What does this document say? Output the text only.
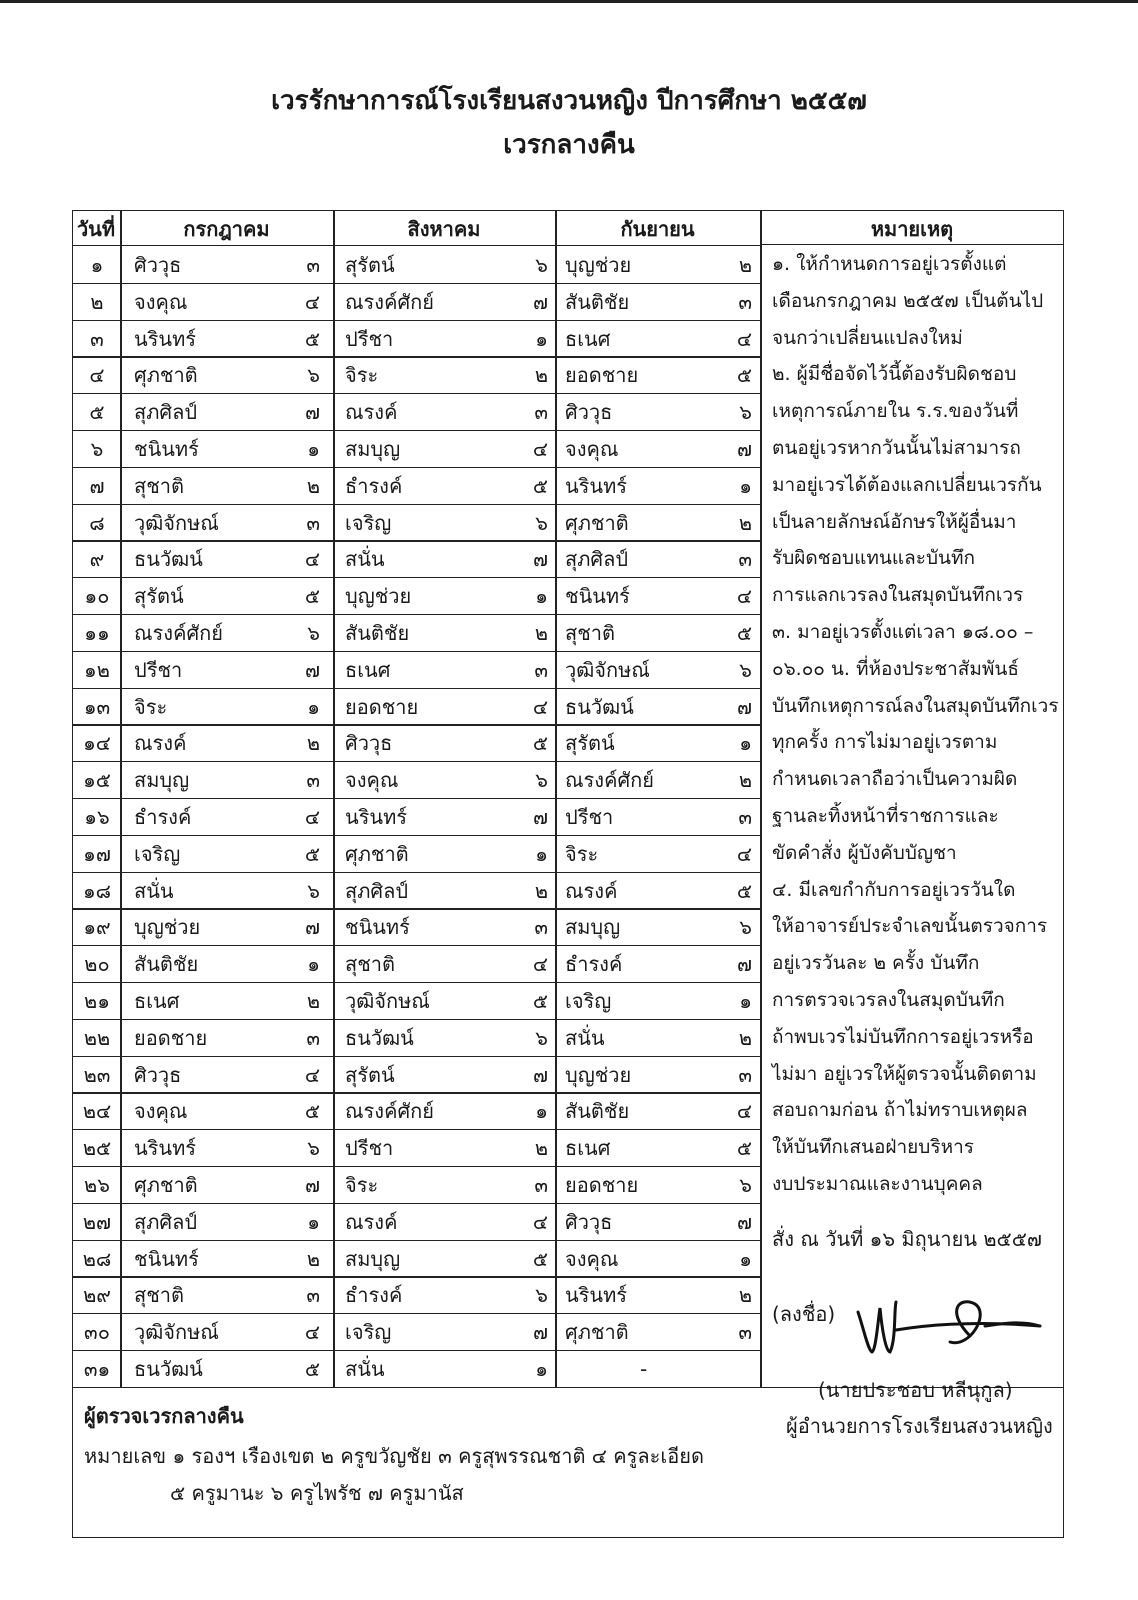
เวรรักษาการณ์โรงเรียนสงวนหญิง ปีการศึกษา ๒๕๕๗
เวรกลางคืน
วันที่	กรกฎาคม	สิงหาคม	กันยายน	หมายเหตุ
๑	ศิววุธ	๓ สุรัตน์	๖ บุญช่วย	๒
๒	จงคุณ	๔ ณรงค์ศักย์	๗ สันติชัย	๓
๓	นรินทร์	๕ ปรีชา	๑ ธเนศ	๔
๔	ศุภชาติ	๖ จิระ	๒ ยอดชาย	๕
๕	สุภศิลป์	๗ ณรงค์	๓ ศิววุธ	๖
๖	ชนินทร์	๑ สมบุญ	๔ จงคุณ	๗
๗	สุชาติ	๒ ธำรงค์	๕ นรินทร์	๑
๘	วุฒิจักษณ์	๓ เจริญ	๖ ศุภชาติ	๒
๙	ธนวัฒน์	๔ สนั่น	๗ สุภศิลป์	๓
๑๐	สุรัตน์	๕ บุญช่วย	๑ ชนินทร์	๔
๑๑	ณรงค์ศักย์	๖ สันติชัย	๒ สุชาติ	๕
๑๒	ปรีชา	๗ ธเนศ	๓ วุฒิจักษณ์	๖
๑๓	จิระ	๑ ยอดชาย	๔ ธนวัฒน์	๗
๑๔	ณรงค์	๒ ศิววุธ	๕ สุรัตน์	๑
๑๕	สมบุญ	๓ จงคุณ	๖ ณรงค์ศักย์	๒
๑๖	ธำรงค์	๔ นรินทร์	๗ ปรีชา	๓
๑๗	เจริญ	๕ ศุภชาติ	๑ จิระ	๔
๑๘	สนั่น	๖ สุภศิลป์	๒ ณรงค์	๕
๑๙	บุญช่วย	๗ ชนินทร์	๓ สมบุญ	๖
๒๐	สันติชัย	๑ สุชาติ	๔ ธำรงค์	๗
๒๑	ธเนศ	๒ วุฒิจักษณ์	๕ เจริญ	๑
๒๒	ยอดชาย	๓ ธนวัฒน์	๖ สนั่น	๒
๒๓	ศิววุธ	๔ สุรัตน์	๗ บุญช่วย	๓
๒๔	จงคุณ	๕ ณรงค์ศักย์	๑ สันติชัย	๔
๒๕	นรินทร์	๖ ปรีชา	๒ ธเนศ	๕
๒๖	ศุภชาติ	๗ จิระ	๓ ยอดชาย	๖
๒๗	สุภศิลป์	๑ ณรงค์	๔ ศิววุธ	๗
๒๘	ชนินทร์	๒ สมบุญ	๕ จงคุณ	๑
๒๙	สุชาติ	๓ ธำรงค์	๖ นรินทร์	๒
๓๐	วุฒิจักษณ์	๔ เจริญ	๗ ศุภชาติ	๓
๓๑	ธนวัฒน์	๕ สนั่น	๑	-
๑. ให้กำหนดการอยู่เวรตั้งแต่
เดือนกรกฎาคม ๒๕๕๗ เป็นต้นไป
จนกว่าเปลี่ยนแปลงใหม่
๒. ผู้มีชื่อจัดไว้นี้ต้องรับผิดชอบ
เหตุการณ์ภายใน ร.ร.ของวันที่
ตนอยู่เวรหากวันนั้นไม่สามารถ
มาอยู่เวรได้ต้องแลกเปลี่ยนเวรกัน
เป็นลายลักษณ์อักษรให้ผู้อื่นมา
รับผิดชอบแทนและบันทึก
การแลกเวรลงในสมุดบันทึกเวร
๓. มาอยู่เวรตั้งแต่เวลา ๑๘.๐๐ –
๐๖.๐๐ น. ที่ห้องประชาสัมพันธ์
บันทึกเหตุการณ์ลงในสมุดบันทึกเวร
ทุกครั้ง การไม่มาอยู่เวรตาม
กำหนดเวลาถือว่าเป็นความผิด
ฐานละทิ้งหน้าที่ราชการและ
ขัดคำสั่ง ผู้บังคับบัญชา
๔. มีเลขกำกับการอยู่เวรวันใด
ให้อาจารย์ประจำเลขนั้นตรวจการ
อยู่เวรวันละ ๒ ครั้ง บันทึก
การตรวจเวรลงในสมุดบันทึก
ถ้าพบเวรไม่บันทึกการอยู่เวรหรือ
ไม่มา อยู่เวรให้ผู้ตรวจนั้นติดตาม
สอบถามก่อน ถ้าไม่ทราบเหตุผล
ให้บันทึกเสนอฝ่ายบริหาร
งบประมาณและงานบุคคล
สั่ง ณ วันที่ ๑๖ มิถุนายน ๒๕๕๗
(ลงชื่อ)
(นายประชอบ หลีนุกูล)
ผู้อำนวยการโรงเรียนสงวนหญิง
ผู้ตรวจเวรกลางคืน
หมายเลข ๑ รองฯ เรืองเขต ๒ ครูขวัญชัย ๓ ครูสุพรรณชาติ ๔ ครูละเอียด
๕ ครูมานะ ๖ ครูไพรัช ๗ ครูมานัส
